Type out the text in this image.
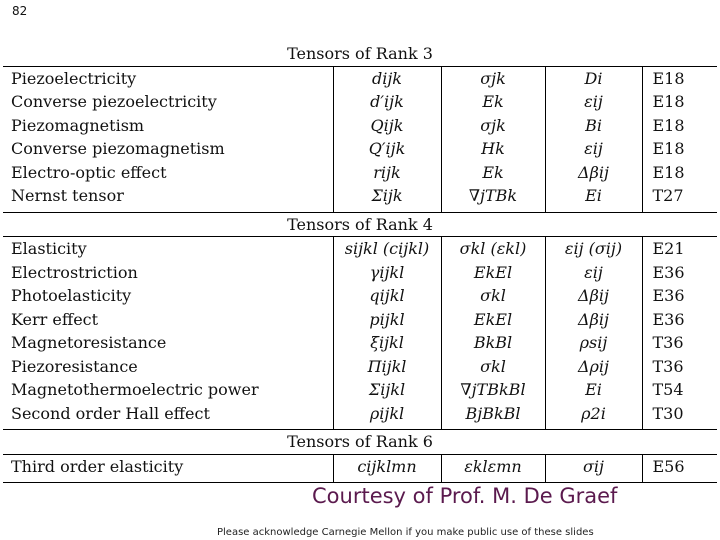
82
Tensors of Rank 3				
Piezoelectricity	dijk	σjk	Di	E18
Converse piezoelectricity	d′ijk	Ek	εij	E18
Piezomagnetism	Qijk	σjk	Bi	E18
Converse piezomagnetism	Q′ijk	Hk	εij	E18
Electro-optic effect	rijk	Ek	Δβij	E18
Nernst tensor	Σijk	∇jTBk	Ei	T27

Tensors of Rank 4				
Elasticity	sijkl (cijkl)	σkl (εkl)	εij (σij)	E21
Electrostriction	γijkl	EkEl	εij	E36
Photoelasticity	qijkl	σkl	Δβij	E36
Kerr effect	pijkl	EkEl	Δβij	E36
Magnetoresistance	ξijkl	BkBl	ρsij	T36
Piezoresistance	Πijkl	σkl	Δρij	T36
Magnetothermoelectric power	Σijkl	∇jTBkBl	Ei	T54
Second order Hall effect	ρijkl	BjBkBl	ρ2i	T30

Tensors of Rank 6				
Third order elasticity	cijklmn	εklεmn	σij	E56

Courtesy of Prof. M. De Graef
Please acknowledge Carnegie Mellon if you make public use of these slides
